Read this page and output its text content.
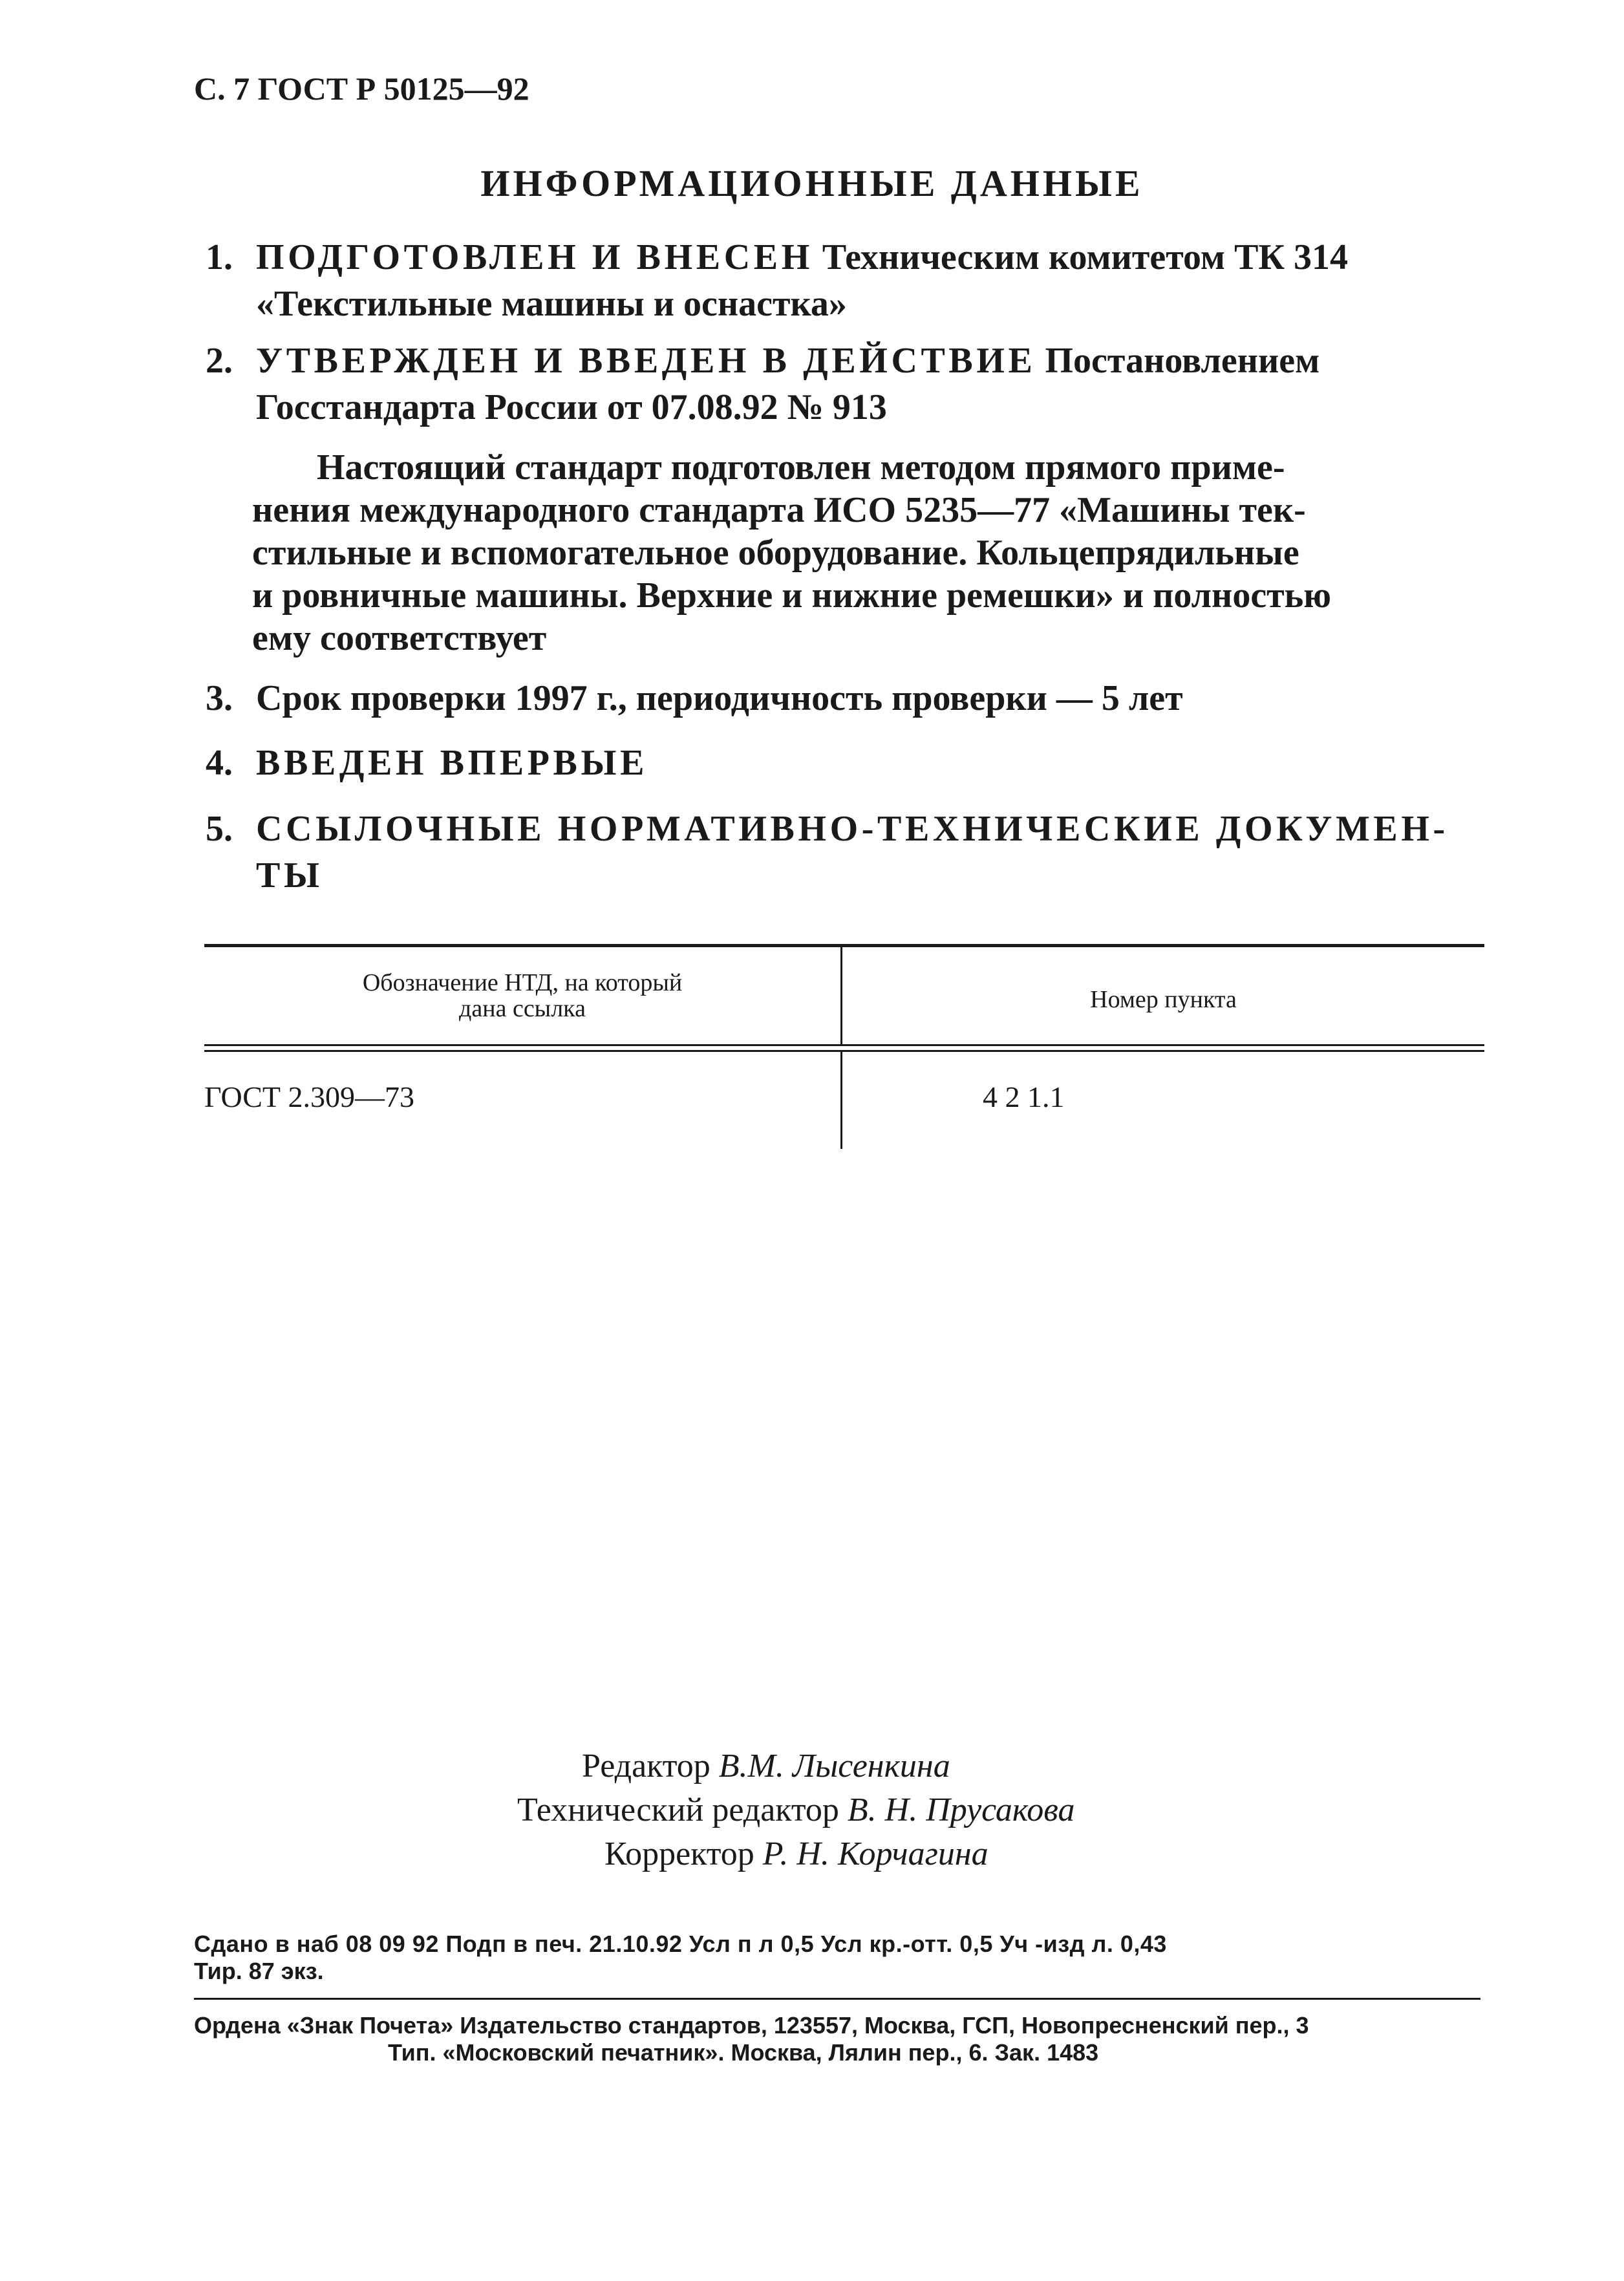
С. 7 ГОСТ Р 50125—92
ИНФОРМАЦИОННЫЕ ДАННЫЕ
1. ПОДГОТОВЛЕН И ВНЕСЕН Техническим комитетом ТК 314
«Текстильные машины и оснастка»
2. УТВЕРЖДЕН И ВВЕДЕН В ДЕЙСТВИЕ Постановлением
Госстандарта России от 07.08.92 № 913
Настоящий стандарт подготовлен методом прямого приме-
нения международного стандарта ИСО 5235—77 «Машины тек-
стильные и вспомогательное оборудование. Кольцепрядильные
и ровничные машины. Верхние и нижние ремешки» и полностью
ему соответствует
3. Срок проверки 1997 г., периодичность проверки — 5 лет
4. ВВЕДЕН ВПЕРВЫЕ
5. ССЫЛОЧНЫЕ НОРМАТИВНО-ТЕХНИЧЕСКИЕ ДОКУМЕН-
ТЫ
Обозначение НТД, на который
дана ссылка	Номер пункта
ГОСТ 2.309—73	4 2 1.1
Редактор В.М. Лысенкина
Технический редактор В. Н. Прусакова
Корректор Р. Н. Корчагина
Сдано в наб 08 09 92 Подп в печ. 21.10.92 Усл п л 0,5 Усл кр.-отт. 0,5 Уч -изд л. 0,43
Тир. 87 экз.
Ордена «Знак Почета» Издательство стандартов, 123557, Москва, ГСП, Новопресненский пер., 3
Тип. «Московский печатник». Москва, Лялин пер., 6. Зак. 1483
